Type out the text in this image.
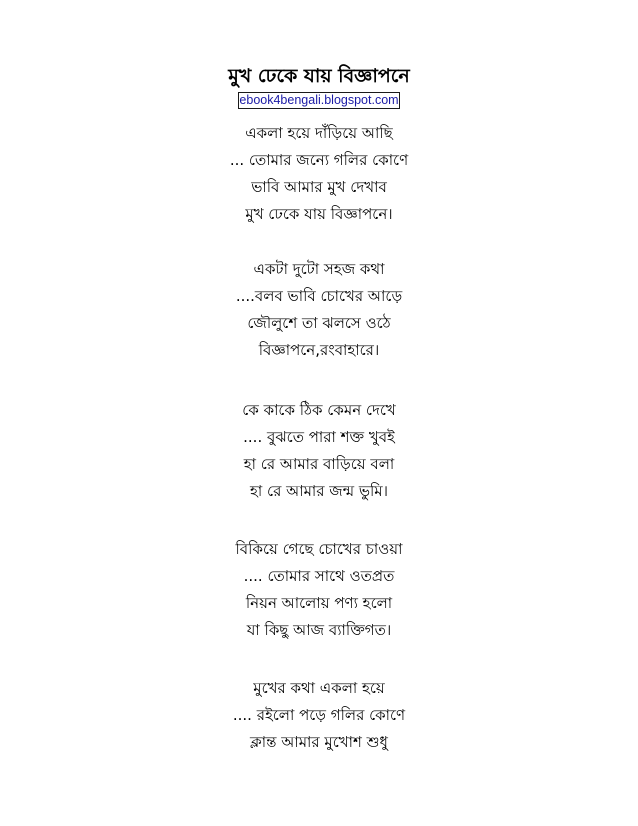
মুখ ঢেকে যায় বিজ্ঞাপনে
ebook4bengali.blogspot.com
একলা হয়ে দাঁড়িয়ে আছি
... তোমার জন্যে গলির কোণে
ভাবি আমার মুখ দেখাব
মুখ ঢেকে যায় বিজ্ঞাপনে।
একটা দুটো সহজ কথা
....বলব ভাবি চোখের আড়ে
জৌলুশে তা ঝলসে ওঠে
বিজ্ঞাপনে,রংবাহারে।
কে কাকে ঠিক কেমন দেখে
.... বুঝতে পারা শক্ত খুবই
হা রে আমার বাড়িয়ে বলা
হা রে আমার জন্ম ভুমি।
বিকিয়ে গেছে চোখের চাওয়া
.... তোমার সাথে ওতপ্রত
নিয়ন আলোয় পণ্য হলো
যা কিছু আজ ব্যাক্তিগত।
মুখের কথা একলা হয়ে
.... রইলো পড়ে গলির কোণে
ক্লান্ত আমার মুখোশ শুধু
